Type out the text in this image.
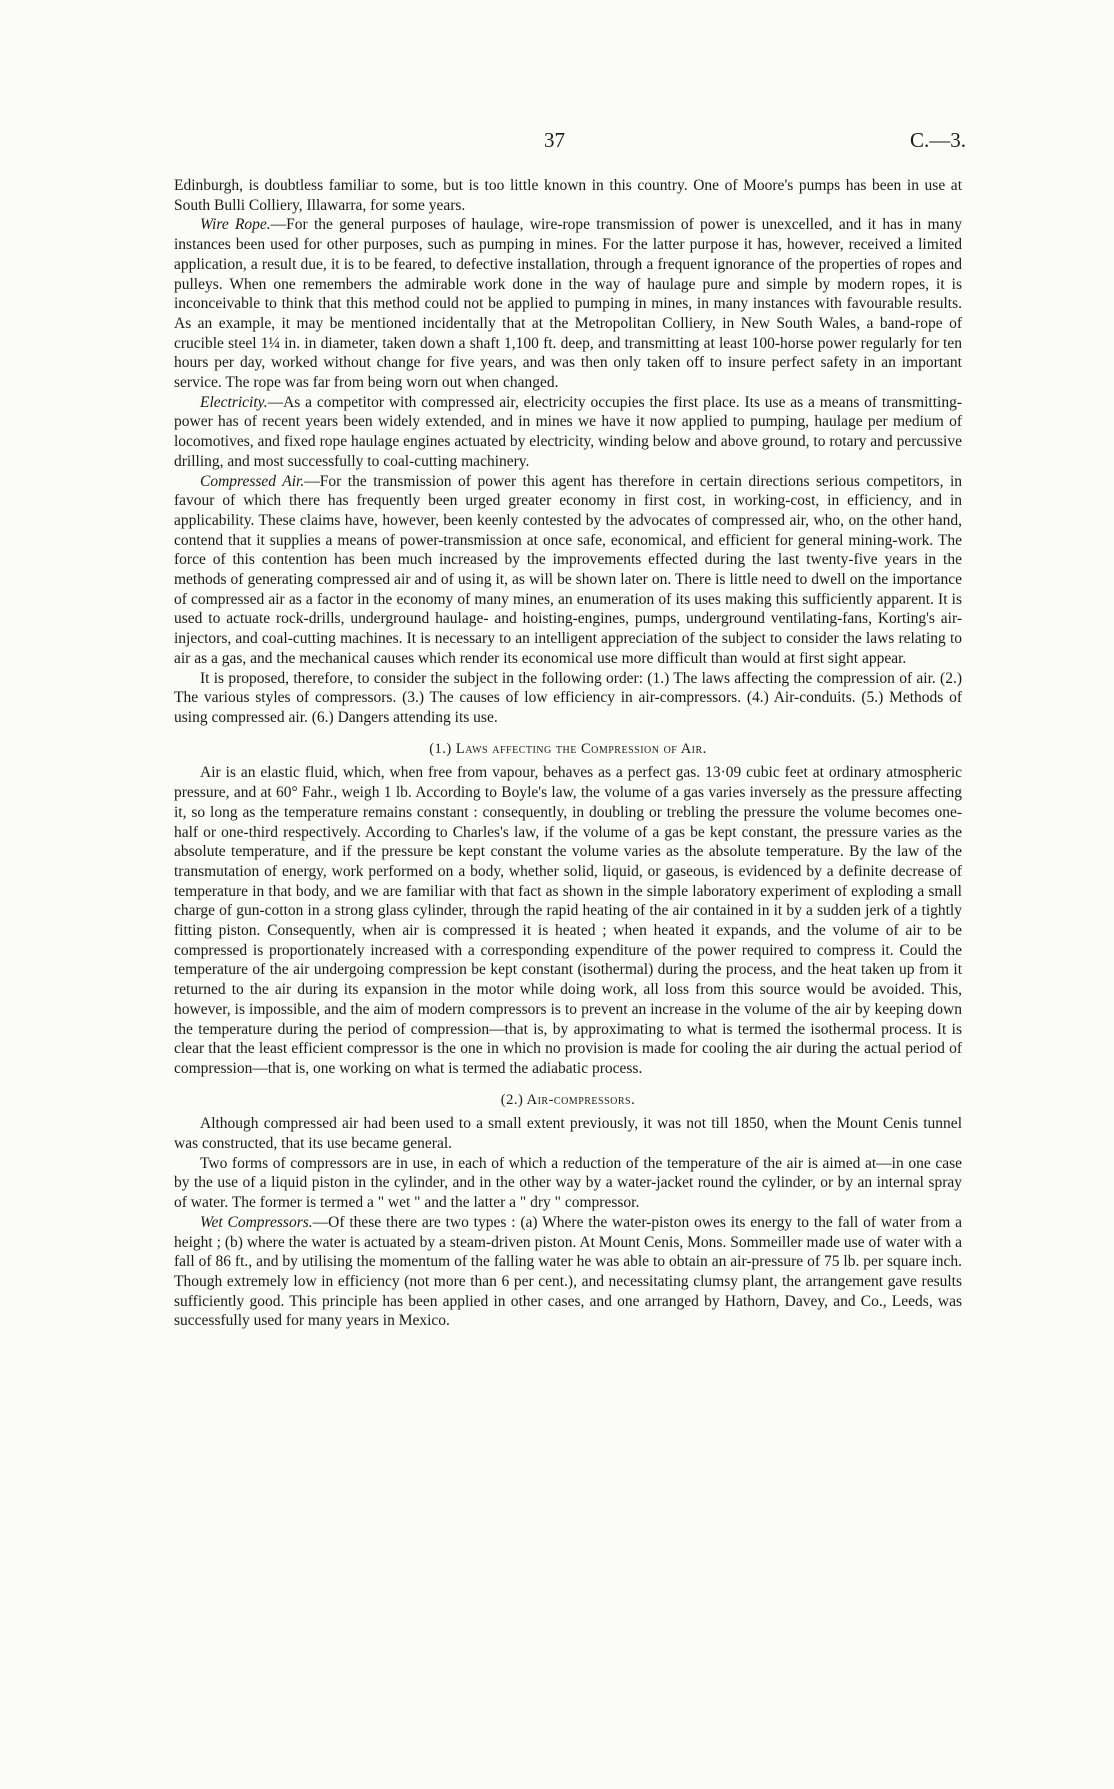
37	C.—3.

Edinburgh, is doubtless familiar to some, but is too little known in this country. One of Moore's pumps has been in use at South Bulli Colliery, Illawarra, for some years.

Wire Rope.—For the general purposes of haulage, wire-rope transmission of power is unexcelled, and it has in many instances been used for other purposes, such as pumping in mines. For the latter purpose it has, however, received a limited application, a result due, it is to be feared, to defective installation, through a frequent ignorance of the properties of ropes and pulleys. When one remembers the admirable work done in the way of haulage pure and simple by modern ropes, it is inconceivable to think that this method could not be applied to pumping in mines, in many instances with favourable results. As an example, it may be mentioned incidentally that at the Metropolitan Colliery, in New South Wales, a band-rope of crucible steel 1¼ in. in diameter, taken down a shaft 1,100 ft. deep, and transmitting at least 100-horse power regularly for ten hours per day, worked without change for five years, and was then only taken off to insure perfect safety in an important service. The rope was far from being worn out when changed.

Electricity.—As a competitor with compressed air, electricity occupies the first place. Its use as a means of transmitting-power has of recent years been widely extended, and in mines we have it now applied to pumping, haulage per medium of locomotives, and fixed rope haulage engines actuated by electricity, winding below and above ground, to rotary and percussive drilling, and most successfully to coal-cutting machinery.

Compressed Air.—For the transmission of power this agent has therefore in certain directions serious competitors, in favour of which there has frequently been urged greater economy in first cost, in working-cost, in efficiency, and in applicability. These claims have, however, been keenly contested by the advocates of compressed air, who, on the other hand, contend that it supplies a means of power-transmission at once safe, economical, and efficient for general mining-work. The force of this contention has been much increased by the improvements effected during the last twenty-five years in the methods of generating compressed air and of using it, as will be shown later on. There is little need to dwell on the importance of compressed air as a factor in the economy of many mines, an enumeration of its uses making this sufficiently apparent. It is used to actuate rock-drills, underground haulage- and hoisting-engines, pumps, underground ventilating-fans, Korting's air-injectors, and coal-cutting machines. It is necessary to an intelligent appreciation of the subject to consider the laws relating to air as a gas, and the mechanical causes which render its economical use more difficult than would at first sight appear.

It is proposed, therefore, to consider the subject in the following order: (1.) The laws affecting the compression of air. (2.) The various styles of compressors. (3.) The causes of low efficiency in air-compressors. (4.) Air-conduits. (5.) Methods of using compressed air. (6.) Dangers attending its use.

(1.) Laws affecting the Compression of Air.

Air is an elastic fluid, which, when free from vapour, behaves as a perfect gas. 13·09 cubic feet at ordinary atmospheric pressure, and at 60° Fahr., weigh 1 lb. According to Boyle's law, the volume of a gas varies inversely as the pressure affecting it, so long as the temperature remains constant : consequently, in doubling or trebling the pressure the volume becomes one-half or one-third respectively. According to Charles's law, if the volume of a gas be kept constant, the pressure varies as the absolute temperature, and if the pressure be kept constant the volume varies as the absolute temperature. By the law of the transmutation of energy, work performed on a body, whether solid, liquid, or gaseous, is evidenced by a definite decrease of temperature in that body, and we are familiar with that fact as shown in the simple laboratory experiment of exploding a small charge of gun-cotton in a strong glass cylinder, through the rapid heating of the air contained in it by a sudden jerk of a tightly fitting piston. Consequently, when air is compressed it is heated ; when heated it expands, and the volume of air to be compressed is proportionately increased with a corresponding expenditure of the power required to compress it. Could the temperature of the air undergoing compression be kept constant (isothermal) during the process, and the heat taken up from it returned to the air during its expansion in the motor while doing work, all loss from this source would be avoided. This, however, is impossible, and the aim of modern compressors is to prevent an increase in the volume of the air by keeping down the temperature during the period of compression—that is, by approximating to what is termed the isothermal process. It is clear that the least efficient compressor is the one in which no provision is made for cooling the air during the actual period of compression—that is, one working on what is termed the adiabatic process.

(2.) Air-compressors.

Although compressed air had been used to a small extent previously, it was not till 1850, when the Mount Cenis tunnel was constructed, that its use became general.

Two forms of compressors are in use, in each of which a reduction of the temperature of the air is aimed at—in one case by the use of a liquid piston in the cylinder, and in the other way by a water-jacket round the cylinder, or by an internal spray of water. The former is termed a " wet " and the latter a " dry " compressor.

Wet Compressors.—Of these there are two types : (a) Where the water-piston owes its energy to the fall of water from a height ; (b) where the water is actuated by a steam-driven piston. At Mount Cenis, Mons. Sommeiller made use of water with a fall of 86 ft., and by utilising the momentum of the falling water he was able to obtain an air-pressure of 75 lb. per square inch. Though extremely low in efficiency (not more than 6 per cent.), and necessitating clumsy plant, the arrangement gave results sufficiently good. This principle has been applied in other cases, and one arranged by Hathorn, Davey, and Co., Leeds, was successfully used for many years in Mexico.
